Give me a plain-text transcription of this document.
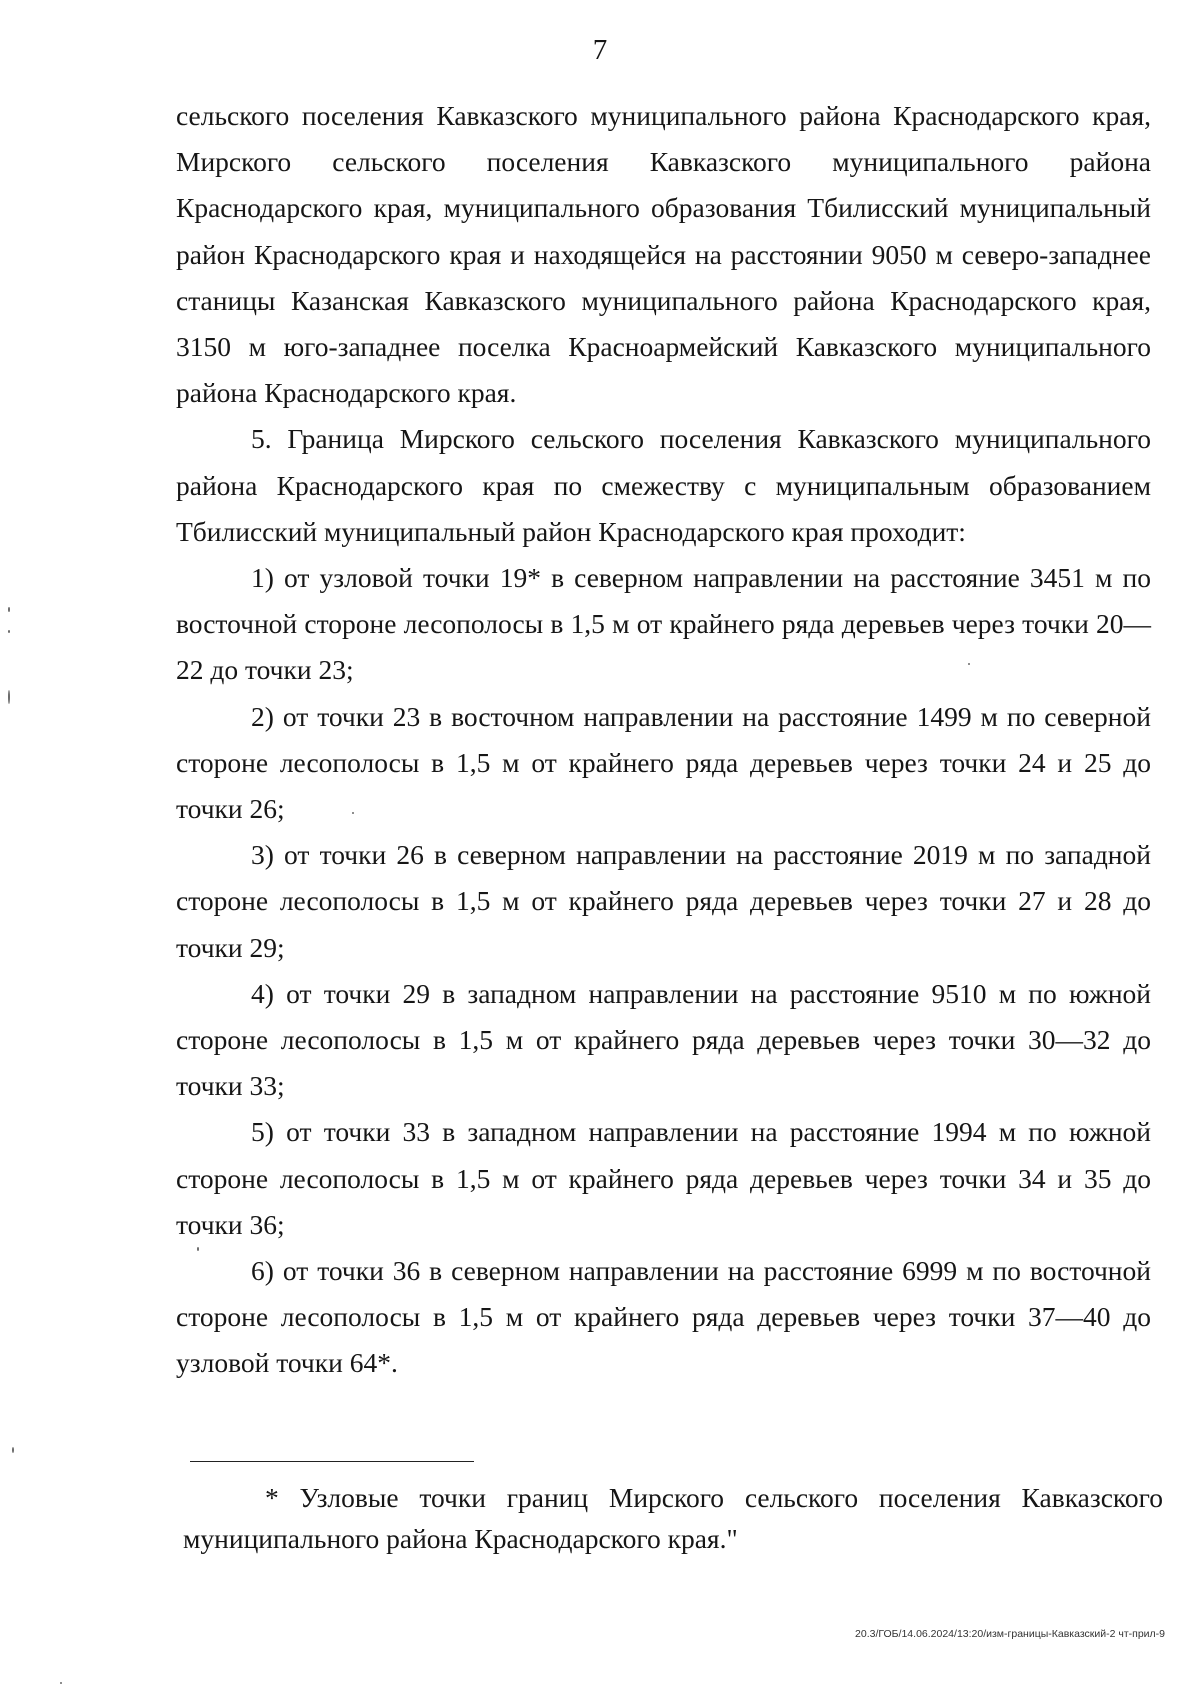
7

сельского поселения Кавказского муниципального района Краснодарского края, Мирского сельского поселения Кавказского муниципального района Краснодарского края, муниципального образования Тбилисский муниципальный район Краснодарского края и находящейся на расстоянии 9050 м северо-западнее станицы Казанская Кавказского муниципального района Краснодарского края, 3150 м юго-западнее поселка Красноармейский Кавказского муниципального района Краснодарского края.

5. Граница Мирского сельского поселения Кавказского муниципального района Краснодарского края по смежеству с муниципальным образованием Тбилисский муниципальный район Краснодарского края проходит:

1) от узловой точки 19* в северном направлении на расстояние 3451 м по восточной стороне лесополосы в 1,5 м от крайнего ряда деревьев через точки 20—22 до точки 23;

2) от точки 23 в восточном направлении на расстояние 1499 м по северной стороне лесополосы в 1,5 м от крайнего ряда деревьев через точки 24 и 25 до точки 26;

3) от точки 26 в северном направлении на расстояние 2019 м по западной стороне лесополосы в 1,5 м от крайнего ряда деревьев через точки 27 и 28 до точки 29;

4) от точки 29 в западном направлении на расстояние 9510 м по южной стороне лесополосы в 1,5 м от крайнего ряда деревьев через точки 30—32 до точки 33;

5) от точки 33 в западном направлении на расстояние 1994 м по южной стороне лесополосы в 1,5 м от крайнего ряда деревьев через точки 34 и 35 до точки 36;

6) от точки 36 в северном направлении на расстояние 6999 м по восточной стороне лесополосы в 1,5 м от крайнего ряда деревьев через точки 37—40 до узловой точки 64*.

* Узловые точки границ Мирского сельского поселения Кавказского муниципального района Краснодарского края."

20.3/ГОБ/14.06.2024/13:20/изм-границы-Кавказский-2 чт-прил-9
